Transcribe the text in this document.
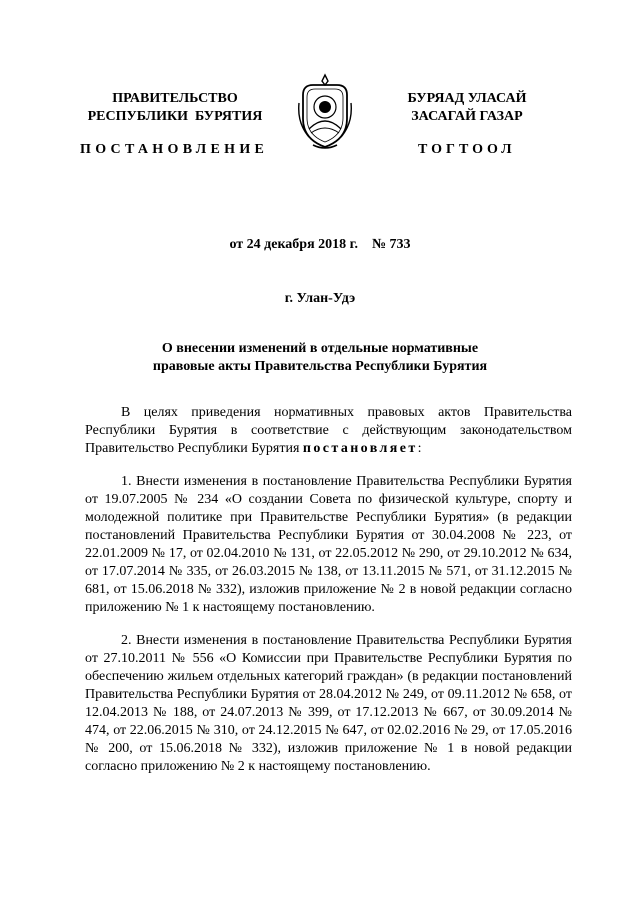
ПРАВИТЕЛЬСТВО
РЕСПУБЛИКИ  БУРЯТИЯ
БУРЯАД УЛАСАЙ
ЗАСАГАЙ ГАЗАР
ПОСТАНОВЛЕНИЕ	ТОГТООЛ
от 24 декабря 2018 г.    № 733
г. Улан-Удэ
О внесении изменений в отдельные нормативные
правовые акты Правительства Республики Бурятия

В целях приведения нормативных правовых актов Правительства Республики Бурятия в соответствие с действующим законодательством Правительство Республики Бурятия постановляет:

1. Внести изменения в постановление Правительства Республики Бурятия от 19.07.2005 № 234 «О создании Совета по физической культуре, спорту и молодежной политике при Правительстве Республики Бурятия» (в редакции постановлений Правительства Республики Бурятия от 30.04.2008 № 223, от 22.01.2009 № 17, от 02.04.2010 № 131, от 22.05.2012 № 290, от 29.10.2012 № 634, от 17.07.2014 № 335, от 26.03.2015 № 138, от 13.11.2015 № 571, от 31.12.2015 № 681, от 15.06.2018 № 332), изложив приложение № 2 в новой редакции согласно приложению № 1 к настоящему постановлению.

2. Внести изменения в постановление Правительства Республики Бурятия от 27.10.2011 № 556 «О Комиссии при Правительстве Республики Бурятия по обеспечению жильем отдельных категорий граждан» (в редакции постановлений Правительства Республики Бурятия от 28.04.2012 № 249, от 09.11.2012 № 658, от 12.04.2013 № 188, от 24.07.2013 № 399, от 17.12.2013 № 667, от 30.09.2014 № 474, от 22.06.2015 № 310, от 24.12.2015 № 647, от 02.02.2016 № 29, от 17.05.2016 № 200, от 15.06.2018 № 332), изложив приложение № 1 в новой редакции согласно приложению № 2 к настоящему постановлению.
